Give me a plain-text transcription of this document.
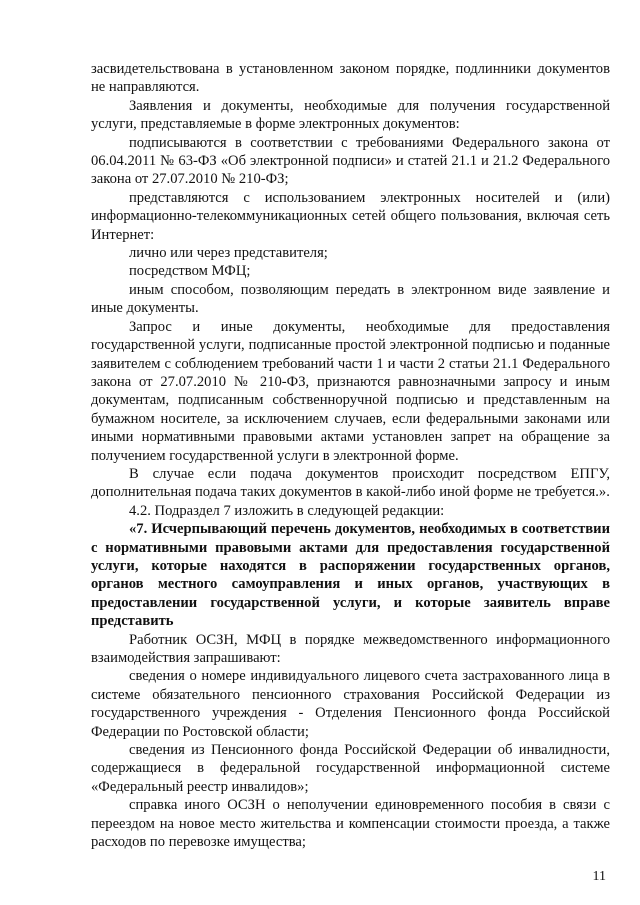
засвидетельствована в установленном законом порядке, подлинники документов не направляются.

Заявления и документы, необходимые для получения государственной услуги, представляемые в форме электронных документов:

подписываются в соответствии с требованиями Федерального закона от 06.04.2011 № 63-ФЗ «Об электронной подписи» и статей 21.1 и 21.2 Федерального закона от 27.07.2010 № 210-ФЗ;

представляются с использованием электронных носителей и (или) информационно-телекоммуникационных сетей общего пользования, включая сеть Интернет:

лично или через представителя;

посредством МФЦ;

иным способом, позволяющим передать в электронном виде заявление и иные документы.

Запрос и иные документы, необходимые для предоставления государственной услуги, подписанные простой электронной подписью и поданные заявителем с соблюдением требований части 1 и части 2 статьи 21.1 Федерального закона от 27.07.2010 № 210-ФЗ, признаются равнозначными запросу и иным документам, подписанным собственноручной подписью и представленным на бумажном носителе, за исключением случаев, если федеральными законами или иными нормативными правовыми актами установлен запрет на обращение за получением государственной услуги в электронной форме.

В случае если подача документов происходит посредством ЕПГУ, дополнительная подача таких документов в какой-либо иной форме не требуется.».

4.2. Подраздел 7 изложить в следующей редакции:

«7. Исчерпывающий перечень документов, необходимых в соответствии с нормативными правовыми актами для предоставления государственной услуги, которые находятся в распоряжении государственных органов, органов местного самоуправления и иных органов, участвующих в предоставлении государственной услуги, и которые заявитель вправе представить

Работник ОСЗН, МФЦ в порядке межведомственного информационного взаимодействия запрашивают:

сведения о номере индивидуального лицевого счета застрахованного лица в системе обязательного пенсионного страхования Российской Федерации из государственного учреждения - Отделения Пенсионного фонда Российской Федерации по Ростовской области;

сведения из Пенсионного фонда Российской Федерации об инвалидности, содержащиеся в федеральной государственной информационной системе «Федеральный реестр инвалидов»;

справка иного ОСЗН о неполучении единовременного пособия в связи с переездом на новое место жительства и компенсации стоимости проезда, а также расходов по перевозке имущества;

11
